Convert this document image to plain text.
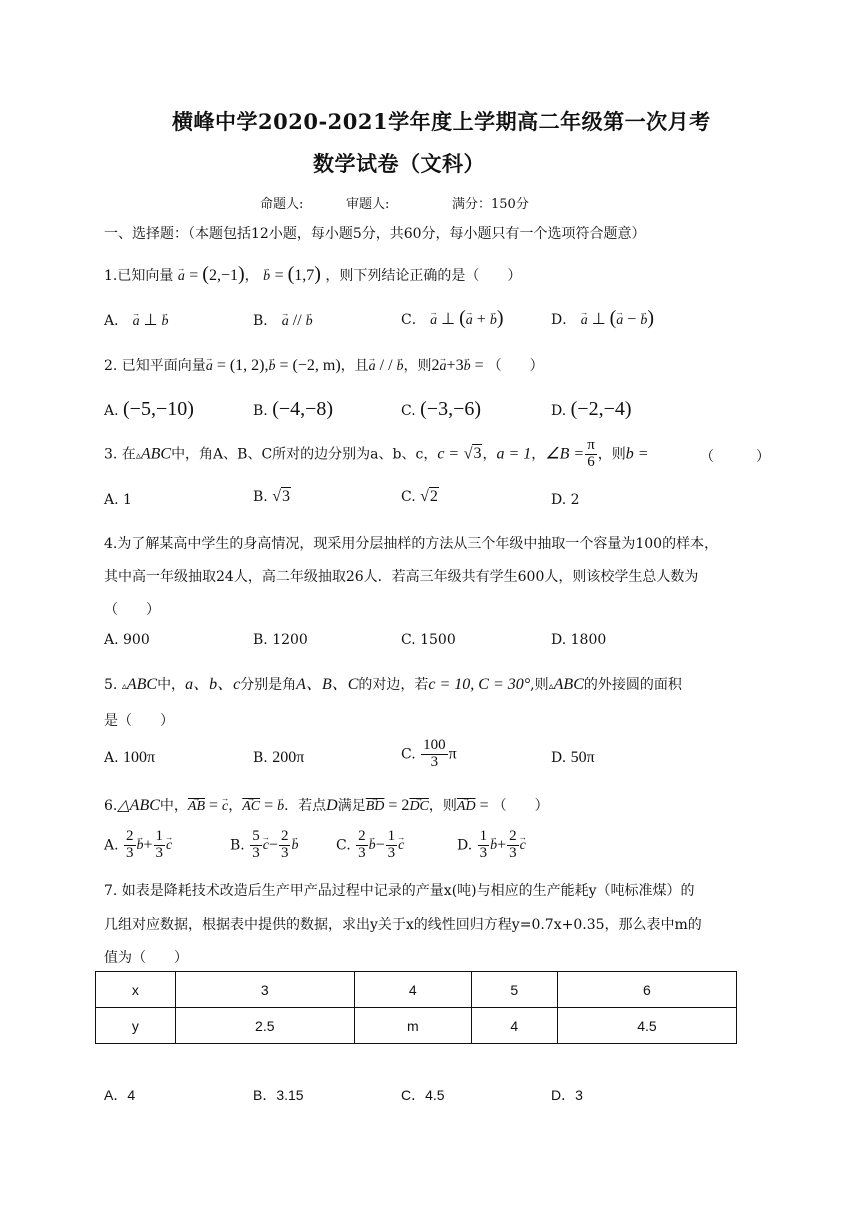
横峰中学2020-2021学年度上学期高二年级第一次月考
数学试卷（文科）
命题人:	审题人:	满分：150分
一、选择题：（本题包括12小题，每小题5分，共60分，每小题只有一个选项符合题意）
1.已知向量 → a = (2,−1)， → b = (1,7) ，则下列结论正确的是（　　）
A． → a ⊥ → b	B． → a // → b	C． → a ⊥ (→ a + → b)	D． → a ⊥ (→ a − → b)
2. 已知平面向量→ a = (1, 2),→ b = (−2, m)，且→ a / / → b，则2→ a+3→ b = （　　）
A. (−5,−10)	B. (−4,−8)	C. (−3,−6)	D. (−2,−4)
3. 在▵ABC中，角A、B、C所对的边分别为a、b、c，c = √3，a = 1，∠B = $\frac{\pi}{6}$ ，则b =	（　　　）
A. 1	B. √3	C. √2	D. 2
4.为了解某高中学生的身高情况，现采用分层抽样的方法从三个年级中抽取一个容量为100的样本，
其中高一年级抽取24人，高二年级抽取26人．若高三年级共有学生600人，则该校学生总人数为
（　　）
A. 900	B. 1200	C. 1500	D. 1800
5. ▵ABC中，a、b、c分别是角A、B、C的对边，若c = 10, C = 30°,则▵ABC的外接圆的面积
是（　　）
A. 100π	B. 200π	C. $\frac{100}{3}$ π	D. 50π
6.△ABC中，→ $\overline{AB}$ = → c，→ $\overline{AC}$ = → b．若点D满足→ $\overline{BD} = 2\to \overline{DC}$，则→ $\overline{AD}$ = （　　）
A. $\frac{2}{3} \to b+ \frac{1}{3} \to c$	B. $\frac{5}{3} \to c- \frac{2}{3} \to b$	C. $\frac{2}{3} \to b- \frac{1}{3} \to c$	D. $\frac{1}{3} \to b+ \frac{2}{3} \to c$
7. 如表是降耗技术改造后生产甲产品过程中记录的产量x(吨)与相应的生产能耗y（吨标准煤）的
几组对应数据，根据表中提供的数据，求出y关于x的线性回归方程y=0.7x+0.35，那么表中m的
值为（　　）
x	3	4	5	6
y	2.5	m	4	4.5
A．4	B．3.15	C．4.5	D．3
